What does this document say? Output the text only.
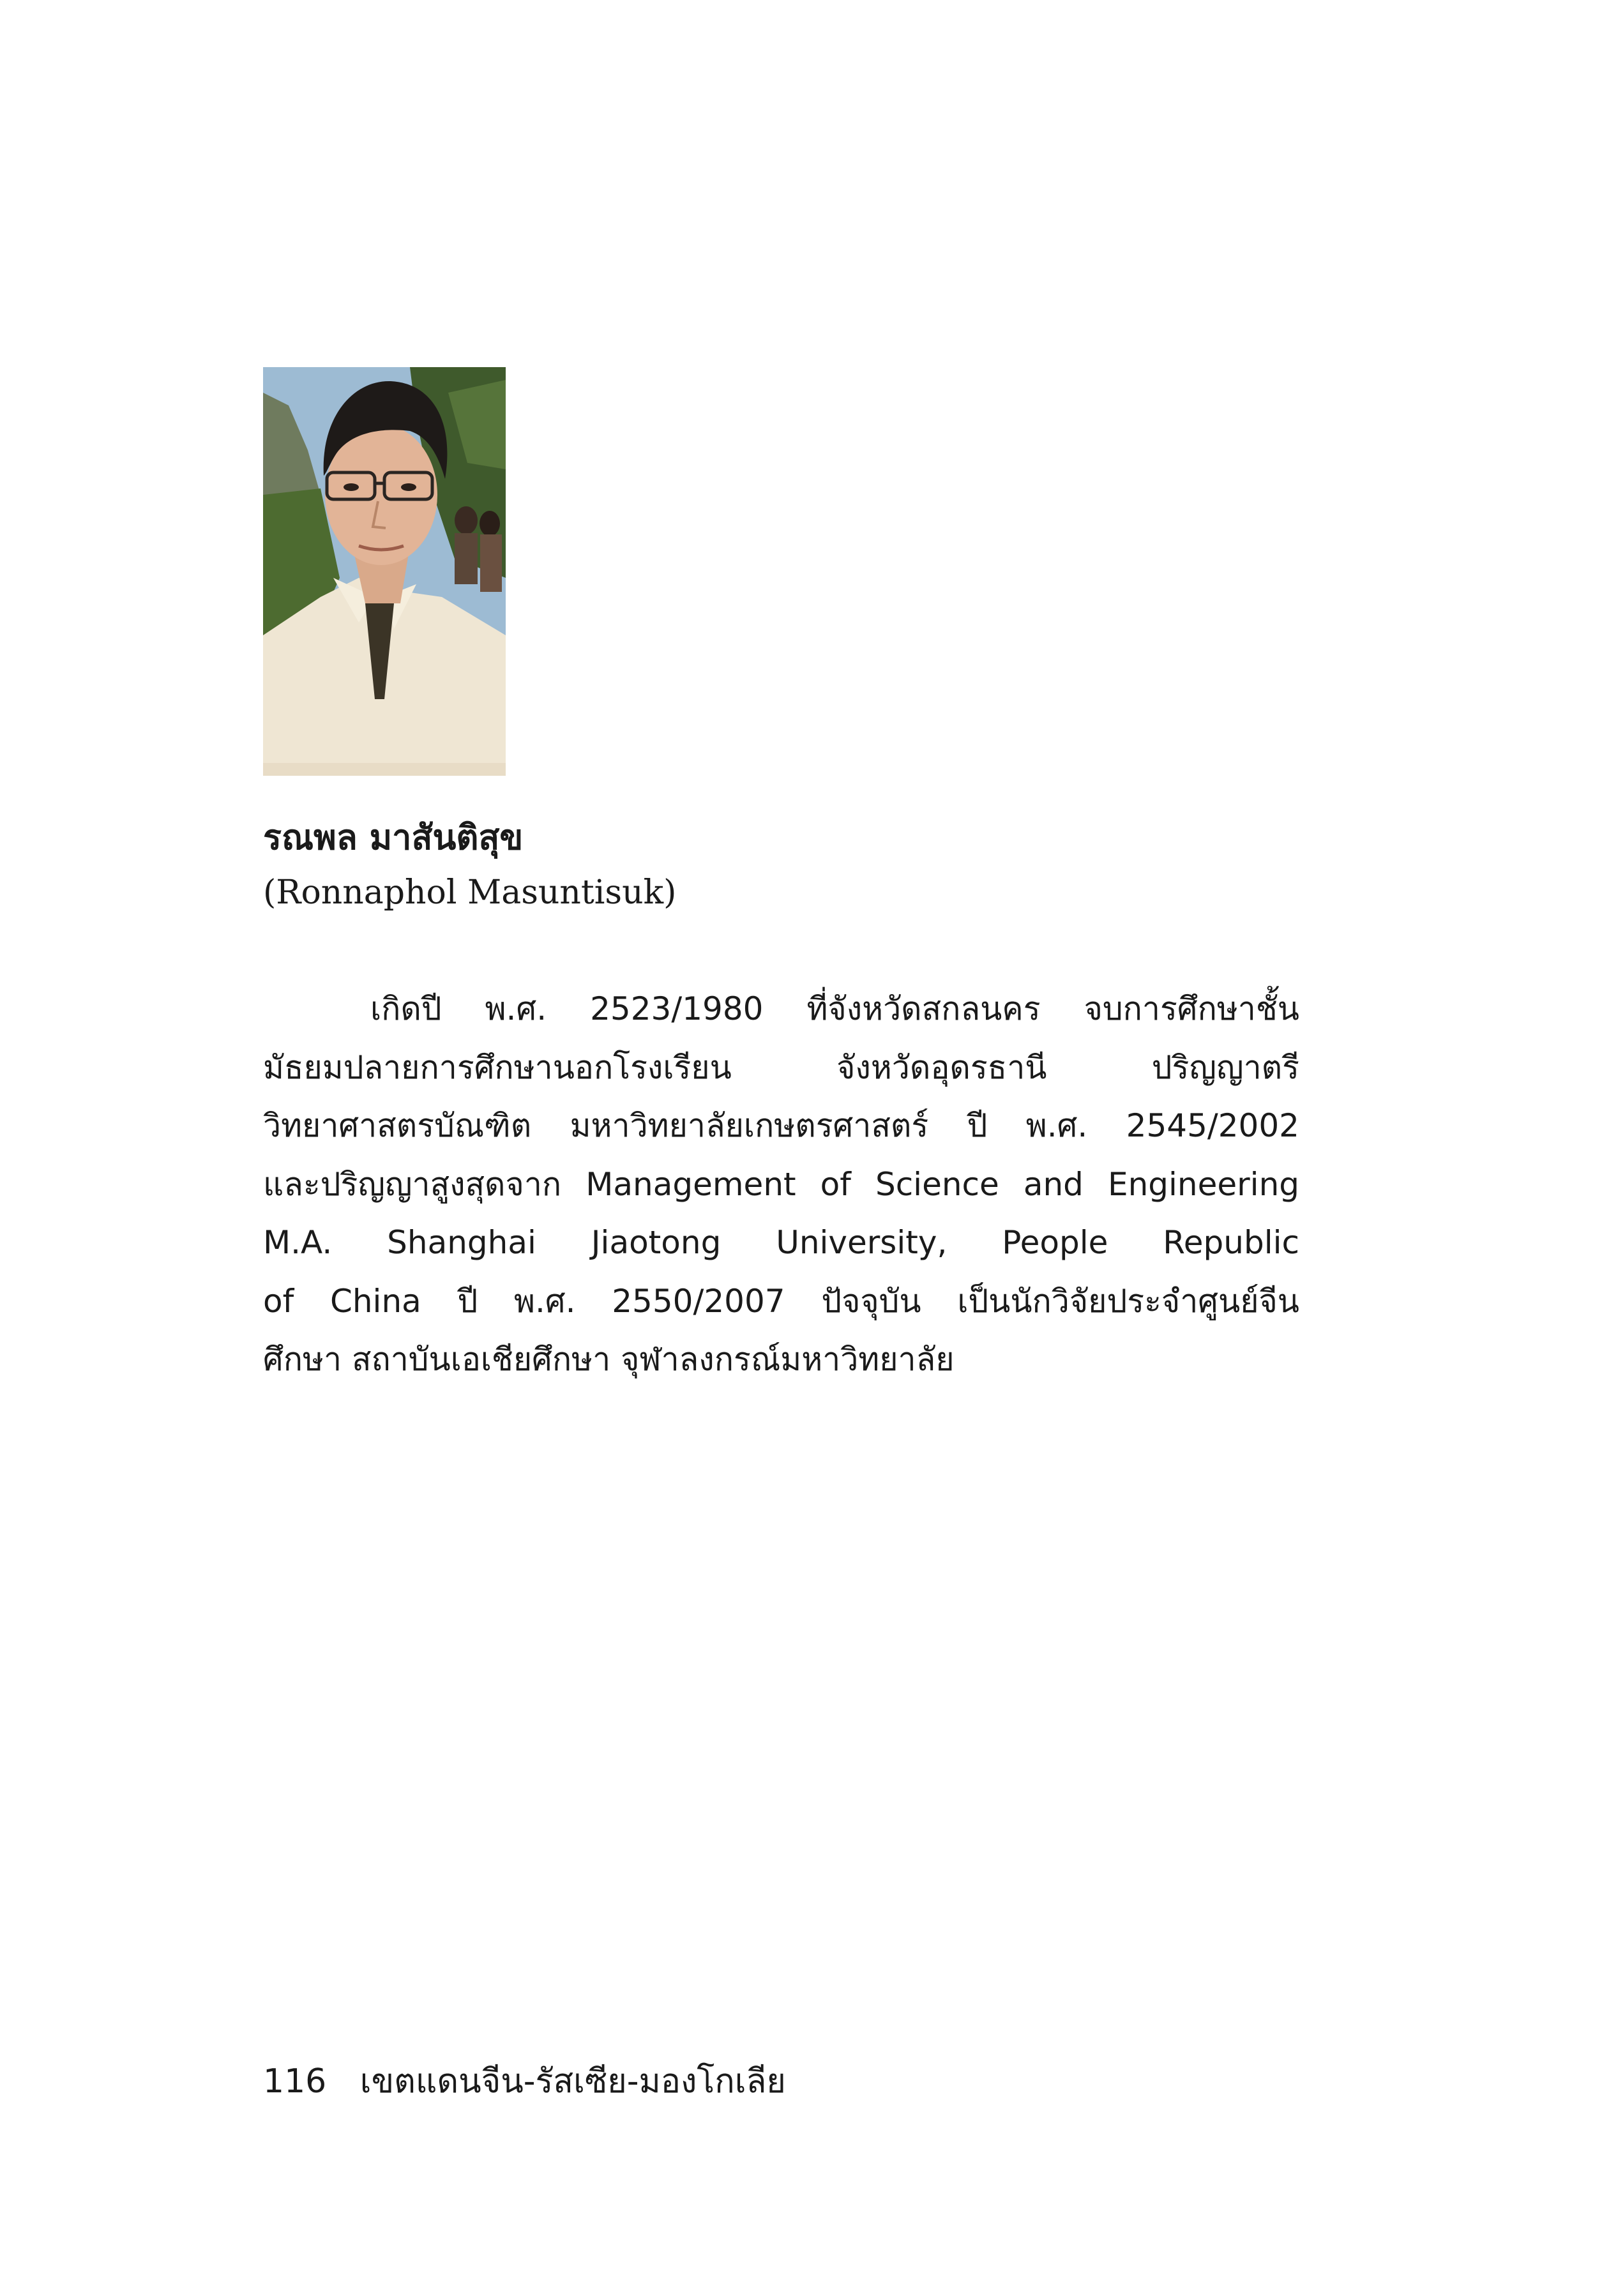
รณพล มาสันติสุข
(Ronnaphol Masuntisuk)
เกิดปี พ.ศ. 2523/1980 ที่จังหวัดสกลนคร จบการศึกษาชั้น
มัธยมปลายการศึกษานอกโรงเรียน จังหวัดอุดรธานี ปริญญาตรี
วิทยาศาสตรบัณฑิต มหาวิทยาลัยเกษตรศาสตร์ ปี พ.ศ. 2545/2002
และปริญญาสูงสุดจาก Management of Science and Engineering
M.A. Shanghai Jiaotong University, People Republic
of China ปี พ.ศ. 2550/2007 ปัจจุบัน เป็นนักวิจัยประจำศูนย์จีน
ศึกษา สถาบันเอเชียศึกษา จุฬาลงกรณ์มหาวิทยาลัย
116 เขตแดนจีน-รัสเซีย-มองโกเลีย
